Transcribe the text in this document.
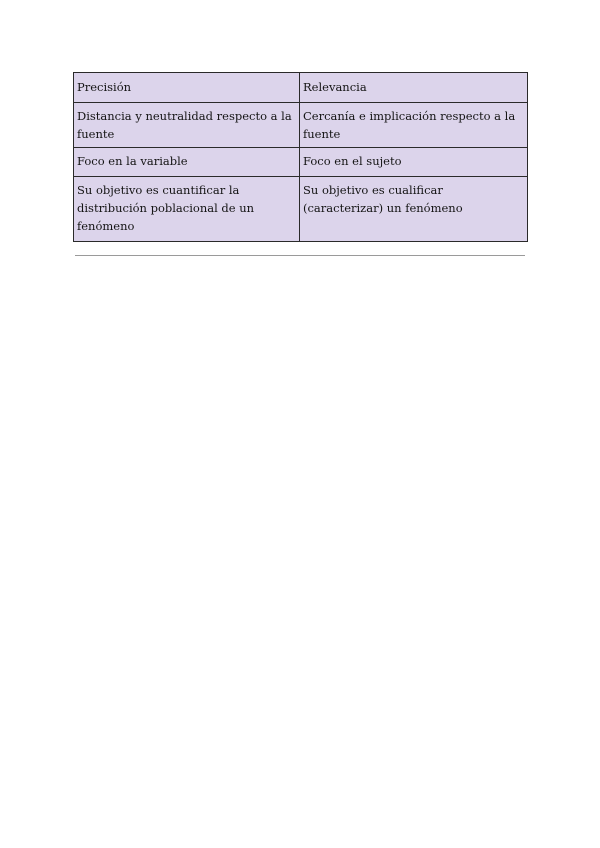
Precisión	Relevancia
Distancia y neutralidad respecto a la fuente	Cercanía e implicación respecto a la fuente
Foco en la variable	Foco en el sujeto
Su objetivo es cuantificar la distribución poblacional de un fenómeno	Su objetivo es cualificar (caracterizar) un fenómeno
